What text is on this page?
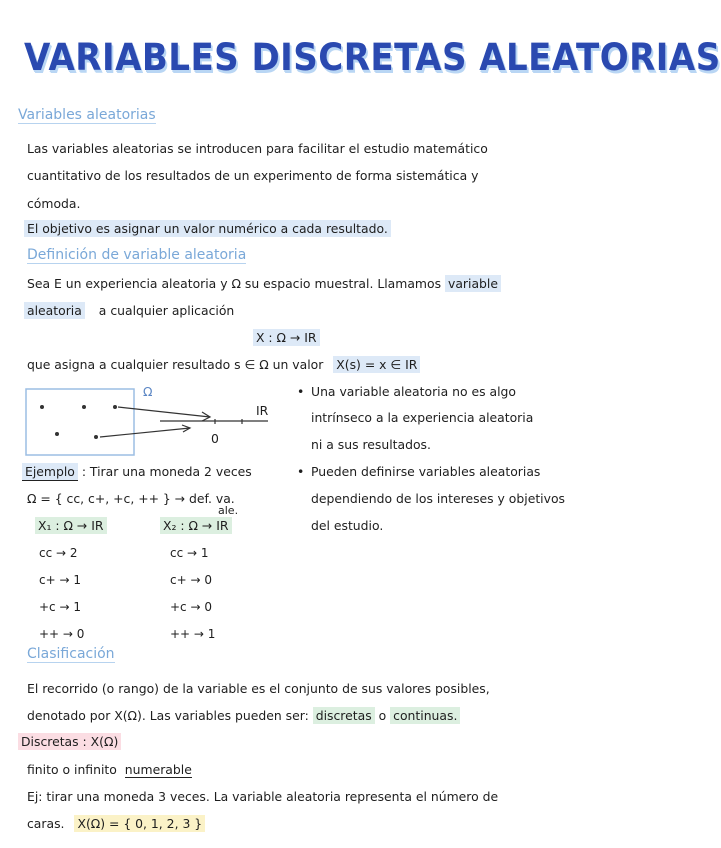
VARIABLES DISCRETAS ALEATORIAS
Variables aleatorias
Las variables aleatorias se introducen para facilitar el estudio matemático
cuantitativo de los resultados de un experimento de forma sistemática y
cómoda.
El objetivo es asignar un valor numérico a cada resultado.
Definición de variable aleatoria
Sea E un experiencia aleatoria y Ω su espacio muestral. Llamamos variable
aleatoria a cualquier aplicación
X : Ω → IR
que asigna a cualquier resultado s ∈ Ω un valor X(s) = x ∈ IR
Ω
IR
0
• Una variable aleatoria no es algo
intrínseco a la experiencia aleatoria
ni a sus resultados.
• Pueden definirse variables aleatorias
dependiendo de los intereses y objetivos
del estudio.
Ejemplo : Tirar una moneda 2 veces
Ω = { cc, c+, +c, ++ } → def. va.
ale.
X₁ : Ω → IR
cc → 2
c+ → 1
+c → 1
++ → 0
X₂ : Ω → IR
cc → 1
c+ → 0
+c → 0
++ → 1
Clasificación
El recorrido (o rango) de la variable es el conjunto de sus valores posibles,
denotado por X(Ω). Las variables pueden ser: discretas o continuas.
Discretas : X(Ω)
finito o infinito numerable
Ej: tirar una moneda 3 veces. La variable aleatoria representa el número de
caras. X(Ω) = { 0, 1, 2, 3 }
